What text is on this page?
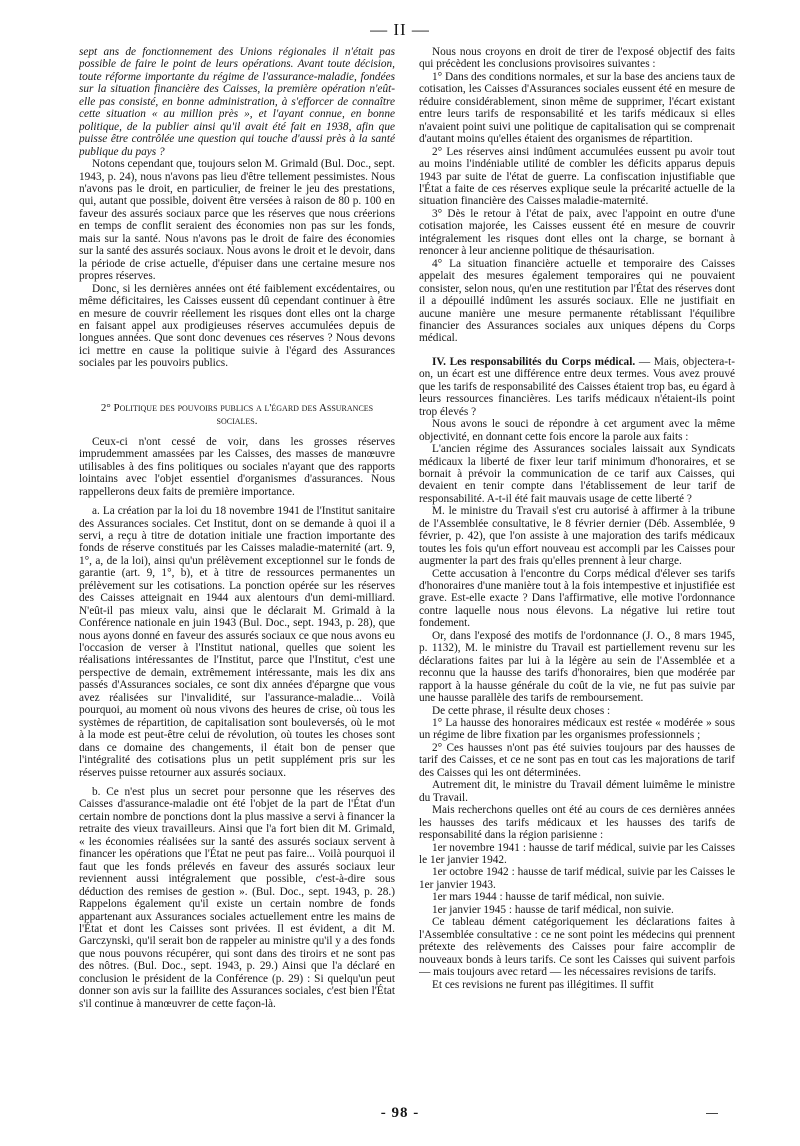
— II —

sept ans de fonctionnement des Unions régionales il n'était pas possible de faire le point de leurs opérations. Avant toute décision, toute réforme importante du régime de l'assurance-maladie, fondées sur la situation financière des Caisses, la première opération n'eût-elle pas consisté, en bonne administration, à s'efforcer de connaître cette situation « au million près », et l'ayant connue, en bonne politique, de la publier ainsi qu'il avait été fait en 1938, afin que puisse être contrôlée une question qui touche d'aussi près à la santé publique du pays ?

Notons cependant que, toujours selon M. Grimald (Bul. Doc., sept. 1943, p. 24), nous n'avons pas lieu d'être tellement pessimistes. Nous n'avons pas le droit, en particulier, de freiner le jeu des prestations, qui, autant que possible, doivent être versées à raison de 80 p. 100 en faveur des assurés sociaux parce que les réserves que nous créerions en temps de conflit seraient des économies non pas sur les fonds, mais sur la santé. Nous n'avons pas le droit de faire des économies sur la santé des assurés sociaux. Nous avons le droit et le devoir, dans la période de crise actuelle, d'épuiser dans une certaine mesure nos propres réserves.

Donc, si les dernières années ont été faiblement excédentaires, ou même déficitaires, les Caisses eussent dû cependant continuer à être en mesure de couvrir réellement les risques dont elles ont la charge en faisant appel aux prodigieuses réserves accumulées depuis de longues années. Que sont donc devenues ces réserves ? Nous devons ici mettre en cause la politique suivie à l'égard des Assurances sociales par les pouvoirs publics.

2° Politique des pouvoirs publics a l'égard des Assurances sociales.

Ceux-ci n'ont cessé de voir, dans les grosses réserves imprudemment amassées par les Caisses, des masses de manœuvre utilisables à des fins politiques ou sociales n'ayant que des rapports lointains avec l'objet essentiel d'organismes d'assurances. Nous rappellerons deux faits de première importance.

a. La création par la loi du 18 novembre 1941 de l'Institut sanitaire des Assurances sociales. Cet Institut, dont on se demande à quoi il a servi, a reçu à titre de dotation initiale une fraction importante des fonds de réserve constitués par les Caisses maladie-maternité (art. 9, 1°, a, de la loi), ainsi qu'un prélèvement exceptionnel sur le fonds de garantie (art. 9, 1°, b), et à titre de ressources permanentes un prélèvement sur les cotisations. La ponction opérée sur les réserves des Caisses atteignait en 1944 aux alentours d'un demi-milliard. N'eût-il pas mieux valu, ainsi que le déclarait M. Grimald à la Conférence nationale en juin 1943 (Bul. Doc., sept. 1943, p. 28), que nous ayons donné en faveur des assurés sociaux ce que nous avons eu l'occasion de verser à l'Institut national, quelles que soient les réalisations intéressantes de l'Institut, parce que l'Institut, c'est une perspective de demain, extrêmement intéressante, mais les dix ans passés d'Assurances sociales, ce sont dix années d'épargne que vous avez réalisées sur l'invalidité, sur l'assurance-maladie... Voilà pourquoi, au moment où nous vivons des heures de crise, où tous les systèmes de répartition, de capitalisation sont bouleversés, où le mot à la mode est peut-être celui de révolution, où toutes les choses sont dans ce domaine des changements, il était bon de penser que l'intégralité des cotisations plus un petit supplément pris sur les réserves puisse retourner aux assurés sociaux.

b. Ce n'est plus un secret pour personne que les réserves des Caisses d'assurance-maladie ont été l'objet de la part de l'État d'un certain nombre de ponctions dont la plus massive a servi à financer la retraite des vieux travailleurs. Ainsi que l'a fort bien dit M. Grimald, « les économies réalisées sur la santé des assurés sociaux servent à financer les opérations que l'État ne peut pas faire... Voilà pourquoi il faut que les fonds prélevés en faveur des assurés sociaux leur reviennent aussi intégralement que possible, c'est-à-dire sous déduction des remises de gestion ». (Bul. Doc., sept. 1943, p. 28.) Rappelons également qu'il existe un certain nombre de fonds appartenant aux Assurances sociales actuellement entre les mains de l'État et dont les Caisses sont privées. Il est évident, a dit M. Garczynski, qu'il serait bon de rappeler au ministre qu'il y a des fonds que nous pouvons récupérer, qui sont dans des tiroirs et ne sont pas des nôtres. (Bul. Doc., sept. 1943, p. 29.) Ainsi que l'a déclaré en conclusion le président de la Conférence (p. 29) : Si quelqu'un peut donner son avis sur la faillite des Assurances sociales, c'est bien l'État s'il continue à manœuvrer de cette façon-là.

Nous nous croyons en droit de tirer de l'exposé objectif des faits qui précèdent les conclusions provisoires suivantes :

1° Dans des conditions normales, et sur la base des anciens taux de cotisation, les Caisses d'Assurances sociales eussent été en mesure de réduire considérablement, sinon même de supprimer, l'écart existant entre leurs tarifs de responsabilité et les tarifs médicaux si elles n'avaient point suivi une politique de capitalisation qui se comprenait d'autant moins qu'elles étaient des organismes de répartition.

2° Les réserves ainsi indûment accumulées eussent pu avoir tout au moins l'indéniable utilité de combler les déficits apparus depuis 1943 par suite de l'état de guerre. La confiscation injustifiable que l'État a faite de ces réserves explique seule la précarité actuelle de la situation financière des Caisses maladie-maternité.

3° Dès le retour à l'état de paix, avec l'appoint en outre d'une cotisation majorée, les Caisses eussent été en mesure de couvrir intégralement les risques dont elles ont la charge, se bornant à renoncer à leur ancienne politique de thésaurisation.

4° La situation financière actuelle et temporaire des Caisses appelait des mesures également temporaires qui ne pouvaient consister, selon nous, qu'en une restitution par l'État des réserves dont il a dépouillé indûment les assurés sociaux. Elle ne justifiait en aucune manière une mesure permanente rétablissant l'équilibre financier des Assurances sociales aux uniques dépens du Corps médical.

IV. Les responsabilités du Corps médical. — Mais, objectera-t-on, un écart est une différence entre deux termes. Vous avez prouvé que les tarifs de responsabilité des Caisses étaient trop bas, eu égard à leurs ressources financières. Les tarifs médicaux n'étaient-ils point trop élevés ?

Nous avons le souci de répondre à cet argument avec la même objectivité, en donnant cette fois encore la parole aux faits :

L'ancien régime des Assurances sociales laissait aux Syndicats médicaux la liberté de fixer leur tarif minimum d'honoraires, et se bornait à prévoir la communication de ce tarif aux Caisses, qui devaient en tenir compte dans l'établissement de leur tarif de responsabilité. A-t-il été fait mauvais usage de cette liberté ?

M. le ministre du Travail s'est cru autorisé à affirmer à la tribune de l'Assemblée consultative, le 8 février dernier (Déb. Assemblée, 9 février, p. 42), que l'on assiste à une majoration des tarifs médicaux toutes les fois qu'un effort nouveau est accompli par les Caisses pour augmenter la part des frais qu'elles prennent à leur charge.

Cette accusation à l'encontre du Corps médical d'élever ses tarifs d'honoraires d'une manière tout à la fois intempestive et injustifiée est grave. Est-elle exacte ? Dans l'affirmative, elle motive l'ordonnance contre laquelle nous nous élevons. La négative lui retire tout fondement.

Or, dans l'exposé des motifs de l'ordonnance (J. O., 8 mars 1945, p. 1132), M. le ministre du Travail est partiellement revenu sur les déclarations faites par lui à la légère au sein de l'Assemblée et a reconnu que la hausse des tarifs d'honoraires, bien que modérée par rapport à la hausse générale du coût de la vie, ne fut pas suivie par une hausse parallèle des tarifs de remboursement.

De cette phrase, il résulte deux choses :

1° La hausse des honoraires médicaux est restée « modérée » sous un régime de libre fixation par les organismes professionnels ;

2° Ces hausses n'ont pas été suivies toujours par des hausses de tarif des Caisses, et ce ne sont pas en tout cas les majorations de tarif des Caisses qui les ont déterminées.

Autrement dit, le ministre du Travail dément luimême le ministre du Travail.

Mais recherchons quelles ont été au cours de ces dernières années les hausses des tarifs médicaux et les hausses des tarifs de responsabilité dans la région parisienne :

1er novembre 1941 : hausse de tarif médical, suivie par les Caisses le 1er janvier 1942.

1er octobre 1942 : hausse de tarif médical, suivie par les Caisses le 1er janvier 1943.

1er mars 1944 : hausse de tarif médical, non suivie.

1er janvier 1945 : hausse de tarif médical, non suivie.

Ce tableau dément catégoriquement les déclarations faites à l'Assemblée consultative : ce ne sont point les médecins qui prennent prétexte des relèvements des Caisses pour faire accomplir de nouveaux bonds à leurs tarifs. Ce sont les Caisses qui suivent parfois — mais toujours avec retard — les nécessaires revisions de tarifs.

Et ces revisions ne furent pas illégitimes. Il suffit

- 98 -
